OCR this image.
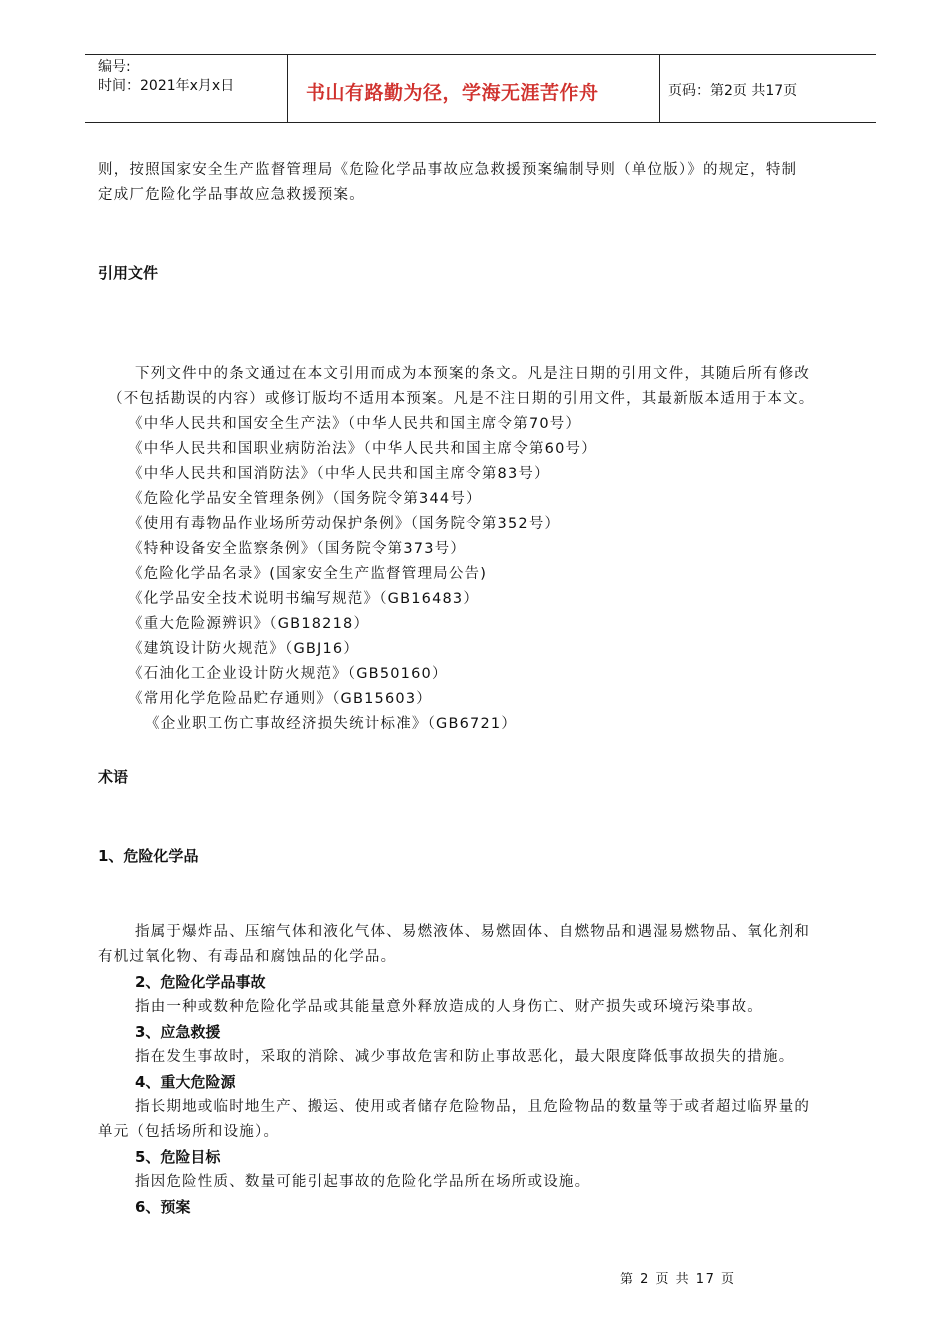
编号:
时间：2021年x月x日	书山有路勤为径，学海无涯苦作舟	页码：第2页 共17页
则，按照国家安全生产监督管理局《危险化学品事故应急救援预案编制导则（单位版）》的规定，特制
定成厂危险化学品事故应急救援预案。
引用文件
下列文件中的条文通过在本文引用而成为本预案的条文。凡是注日期的引用文件，其随后所有修改
（不包括勘误的内容）或修订版均不适用本预案。凡是不注日期的引用文件，其最新版本适用于本文。
《中华人民共和国安全生产法》（中华人民共和国主席令第70号）
《中华人民共和国职业病防治法》（中华人民共和国主席令第60号）
《中华人民共和国消防法》（中华人民共和国主席令第83号）
《危险化学品安全管理条例》（国务院令第344号）
《使用有毒物品作业场所劳动保护条例》（国务院令第352号）
《特种设备安全监察条例》（国务院令第373号）
《危险化学品名录》(国家安全生产监督管理局公告)
《化学品安全技术说明书编写规范》（GB16483）
《重大危险源辨识》（GB18218）
《建筑设计防火规范》（GBJ16）
《石油化工企业设计防火规范》（GB50160）
《常用化学危险品贮存通则》（GB15603）
《企业职工伤亡事故经济损失统计标准》（GB6721）
术语
1、危险化学品
指属于爆炸品、压缩气体和液化气体、易燃液体、易燃固体、自燃物品和遇湿易燃物品、氧化剂和
有机过氧化物、有毒品和腐蚀品的化学品。
2、危险化学品事故
指由一种或数种危险化学品或其能量意外释放造成的人身伤亡、财产损失或环境污染事故。
3、应急救援
指在发生事故时，采取的消除、减少事故危害和防止事故恶化，最大限度降低事故损失的措施。
4、重大危险源
指长期地或临时地生产、搬运、使用或者储存危险物品，且危险物品的数量等于或者超过临界量的
单元（包括场所和设施）。
5、危险目标
指因危险性质、数量可能引起事故的危险化学品所在场所或设施。
6、预案
第 2 页 共 17 页
